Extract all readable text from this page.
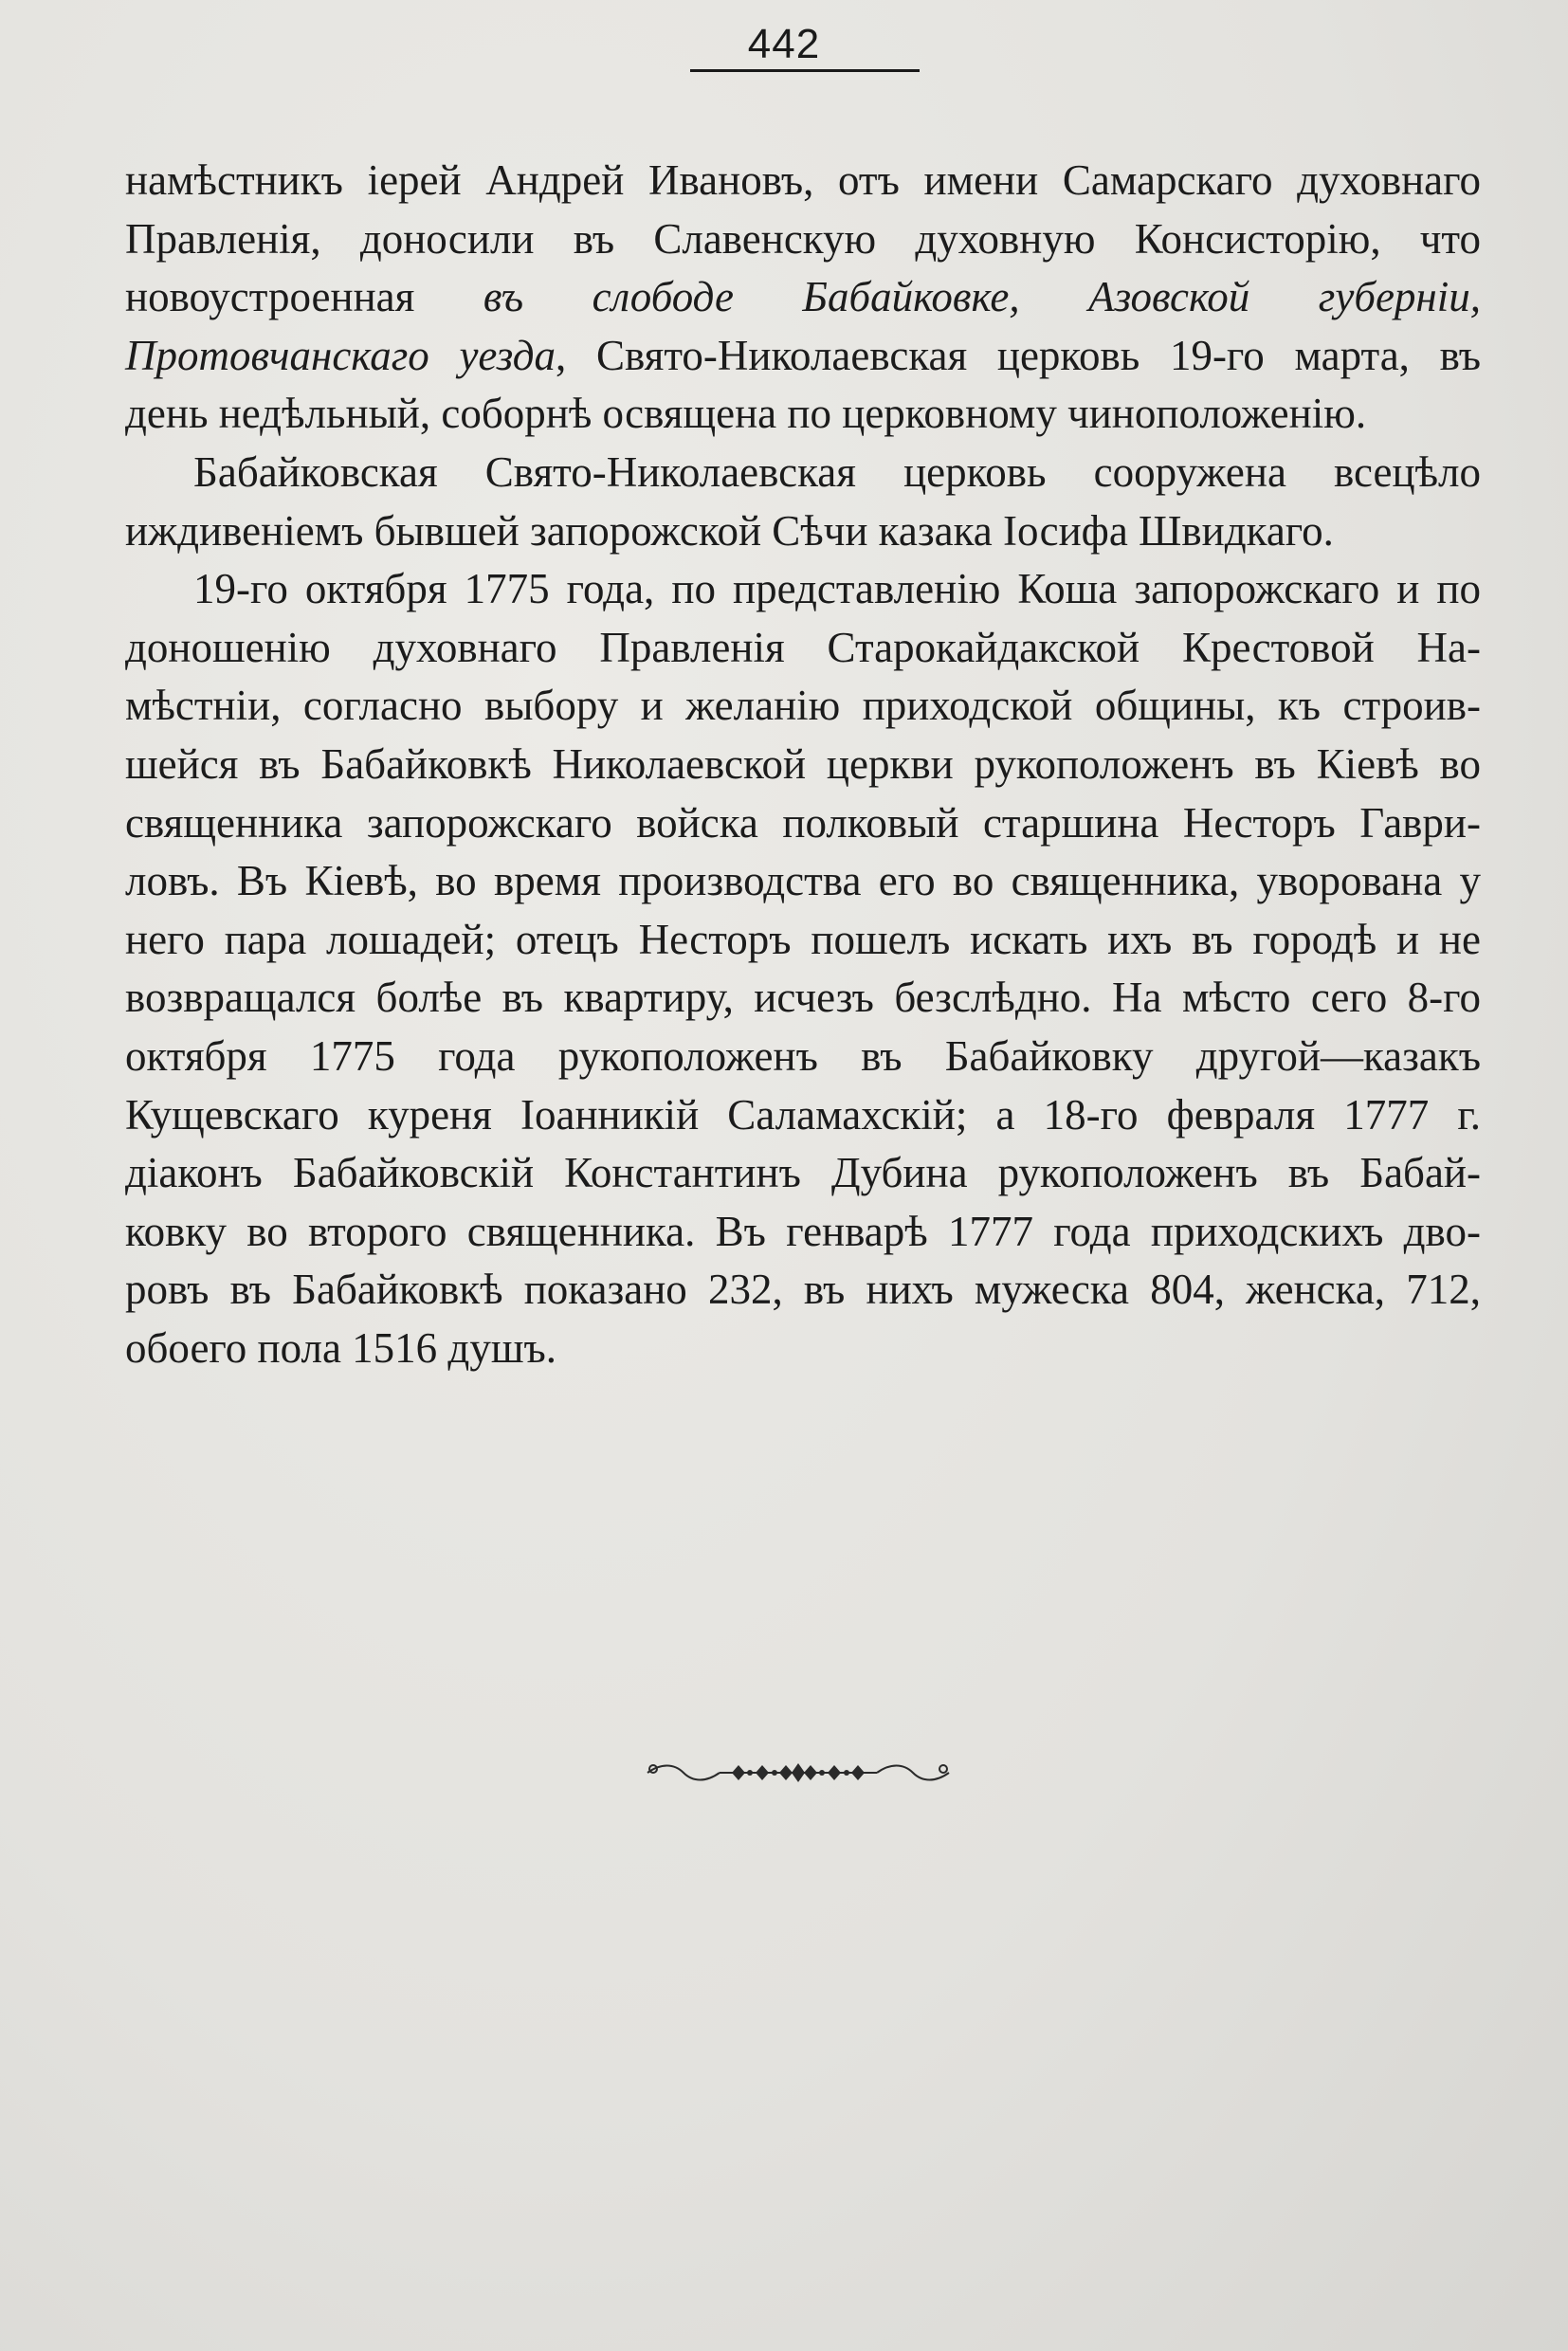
442

намѣстникъ іерей Андрей Ивановъ, отъ имени Самарскаго духовнаго
Правленія, доносили въ Славенскую духовную Консисторію, что
новоустроенная въ слободе Бабайковке, Азовской губерніи,
Протовчанскаго уезда, Свято-Николаевская церковь 19-го марта, въ
день недѣльный, соборнѣ освящена по церковному чиноположенію.

Бабайковская Свято-Николаевская церковь сооружена всецѣло
иждивеніемъ бывшей запорожской Сѣчи казака Іосифа Швидкаго.

19-го октября 1775 года, по представленію Коша запорожскаго и по
доношенію духовнаго Правленія Старокайдакской Крестовой На-
мѣстніи, согласно выбору и желанію приходской общины, къ строив-
шейся въ Бабайковкѣ Николаевской церкви рукоположенъ въ Кіевѣ во
священника запорожскаго войска полковый старшина Несторъ Гаври-
ловъ. Въ Кіевѣ, во время производства его во священника, уворована у
него пара лошадей; отецъ Несторъ пошелъ искать ихъ въ городѣ и не
возвращался болѣе въ квартиру, исчезъ безслѣдно. На мѣсто сего 8-го
октября 1775 года рукоположенъ въ Бабайковку другой—казакъ
Кущевскаго куреня Іоанникій Саламахскій; а 18-го февраля 1777 г.
діаконъ Бабайковскій Константинъ Дубина рукоположенъ въ Бабай-
ковку во второго священника. Въ генварѣ 1777 года приходскихъ дво-
ровъ въ Бабайковкѣ показано 232, въ нихъ мужеска 804, женска, 712,
обоего пола 1516 душъ.
